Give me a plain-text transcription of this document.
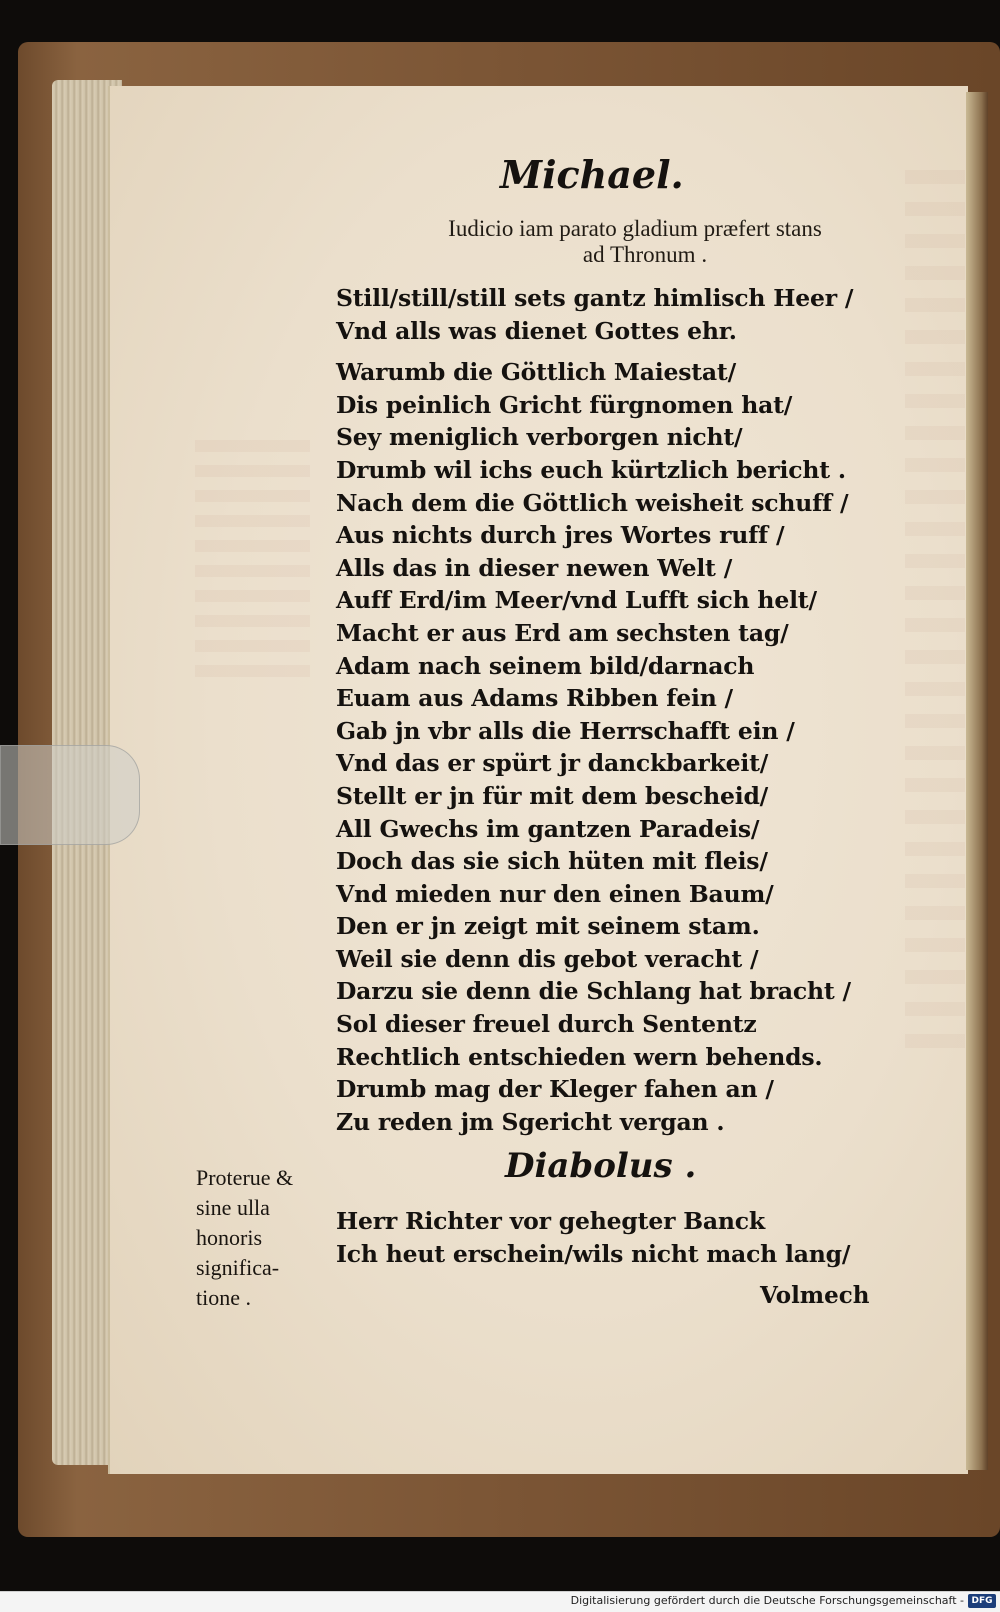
Michael.
Iudicio iam parato gladium præfert stans
ad Thronum .
Still/still/still sets gantz himlisch Heer /
Vnd alls was dienet Gottes ehr.
Warumb die Göttlich Maiestat/
Dis peinlich Gricht fürgnomen hat/
Sey meniglich verborgen nicht/
Drumb wil ichs euch kürtzlich bericht .
Nach dem die Göttlich weisheit schuff /
Aus nichts durch jres Wortes ruff /
Alls das in dieser newen Welt /
Auff Erd/im Meer/vnd Lufft sich helt/
Macht er aus Erd am sechsten tag/
Adam nach seinem bild/darnach
Euam aus Adams Ribben fein /
Gab jn vbr alls die Herrschafft ein /
Vnd das er spürt jr danckbarkeit/
Stellt er jn für mit dem bescheid/
All Gwechs im gantzen Paradeis/
Doch das sie sich hüten mit fleis/
Vnd mieden nur den einen Baum/
Den er jn zeigt mit seinem stam.
Weil sie denn dis gebot veracht /
Darzu sie denn die Schlang hat bracht /
Sol dieser freuel durch Sententz
Rechtlich entschieden wern behends.
Drumb mag der Kleger fahen an /
Zu reden jm Sgericht vergan .
Diabolus .
Proterue &
sine ulla
honoris
significa-
tione .
Herr Richter vor gehegter Banck
Ich heut erschein/wils nicht mach lang/
Volmech
Digitalisierung gefördert durch die Deutsche Forschungsgemeinschaft - DFG
